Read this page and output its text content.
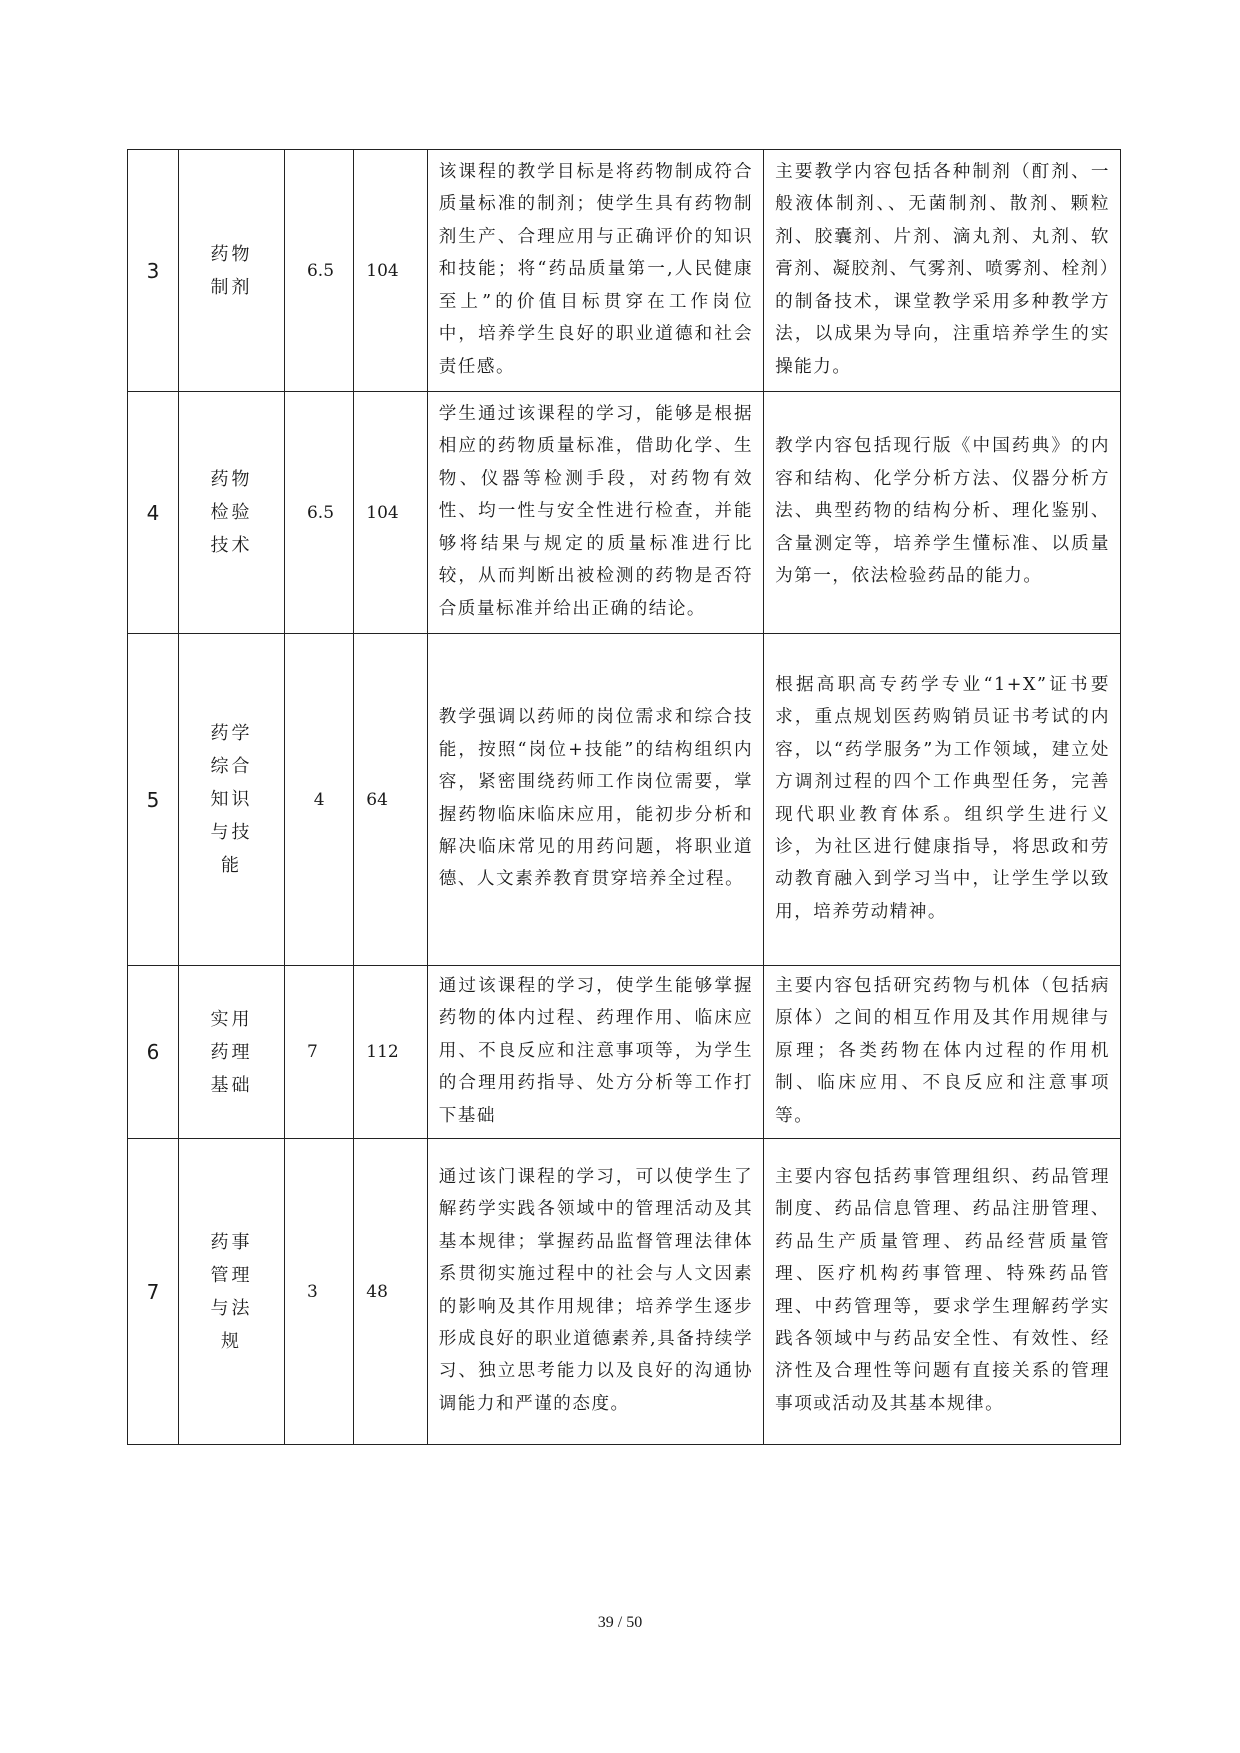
3	药物制剂	6.5	104	该课程的教学目标是将药物制成符合质量标准的制剂；使学生具有药物制剂生产、合理应用与正确评价的知识和技能；将“药品质量第一,人民健康至上”的价值目标贯穿在工作岗位中，培养学生良好的职业道德和社会责任感。	主要教学内容包括各种制剂（酊剂、一般液体制剂、、无菌制剂、散剂、颗粒剂、胶囊剂、片剂、滴丸剂、丸剂、软膏剂、凝胶剂、气雾剂、喷雾剂、栓剂）的制备技术，课堂教学采用多种教学方法，以成果为导向，注重培养学生的实操能力。
4	药物检验技术	6.5	104	学生通过该课程的学习，能够是根据相应的药物质量标准，借助化学、生物、仪器等检测手段，对药物有效性、均一性与安全性进行检查，并能够将结果与规定的质量标准进行比较，从而判断出被检测的药物是否符合质量标准并给出正确的结论。	教学内容包括现行版《中国药典》的内容和结构、化学分析方法、仪器分析方法、典型药物的结构分析、理化鉴别、含量测定等，培养学生懂标准、以质量为第一，依法检验药品的能力。
5	药学综合知识与技能	4	64	教学强调以药师的岗位需求和综合技能，按照“岗位+技能”的结构组织内容，紧密围绕药师工作岗位需要，掌握药物临床临床应用，能初步分析和解决临床常见的用药问题，将职业道德、人文素养教育贯穿培养全过程。	根据高职高专药学专业“1+X”证书要求，重点规划医药购销员证书考试的内容，以“药学服务”为工作领域，建立处方调剂过程的四个工作典型任务，完善现代职业教育体系。组织学生进行义诊，为社区进行健康指导，将思政和劳动教育融入到学习当中，让学生学以致用，培养劳动精神。
6	实用药理基础	7	112	通过该课程的学习，使学生能够掌握药物的体内过程、药理作用、临床应用、不良反应和注意事项等，为学生的合理用药指导、处方分析等工作打下基础	主要内容包括研究药物与机体（包括病原体）之间的相互作用及其作用规律与原理；各类药物在体内过程的作用机制、临床应用、不良反应和注意事项等。
7	药事管理与法规	3	48	通过该门课程的学习，可以使学生了解药学实践各领域中的管理活动及其基本规律；掌握药品监督管理法律体系贯彻实施过程中的社会与人文因素的影响及其作用规律；培养学生逐步形成良好的职业道德素养,具备持续学习、独立思考能力以及良好的沟通协调能力和严谨的态度。	主要内容包括药事管理组织、药品管理制度、药品信息管理、药品注册管理、药品生产质量管理、药品经营质量管理、医疗机构药事管理、特殊药品管理、中药管理等，要求学生理解药学实践各领域中与药品安全性、有效性、经济性及合理性等问题有直接关系的管理事项或活动及其基本规律。
39 / 50
